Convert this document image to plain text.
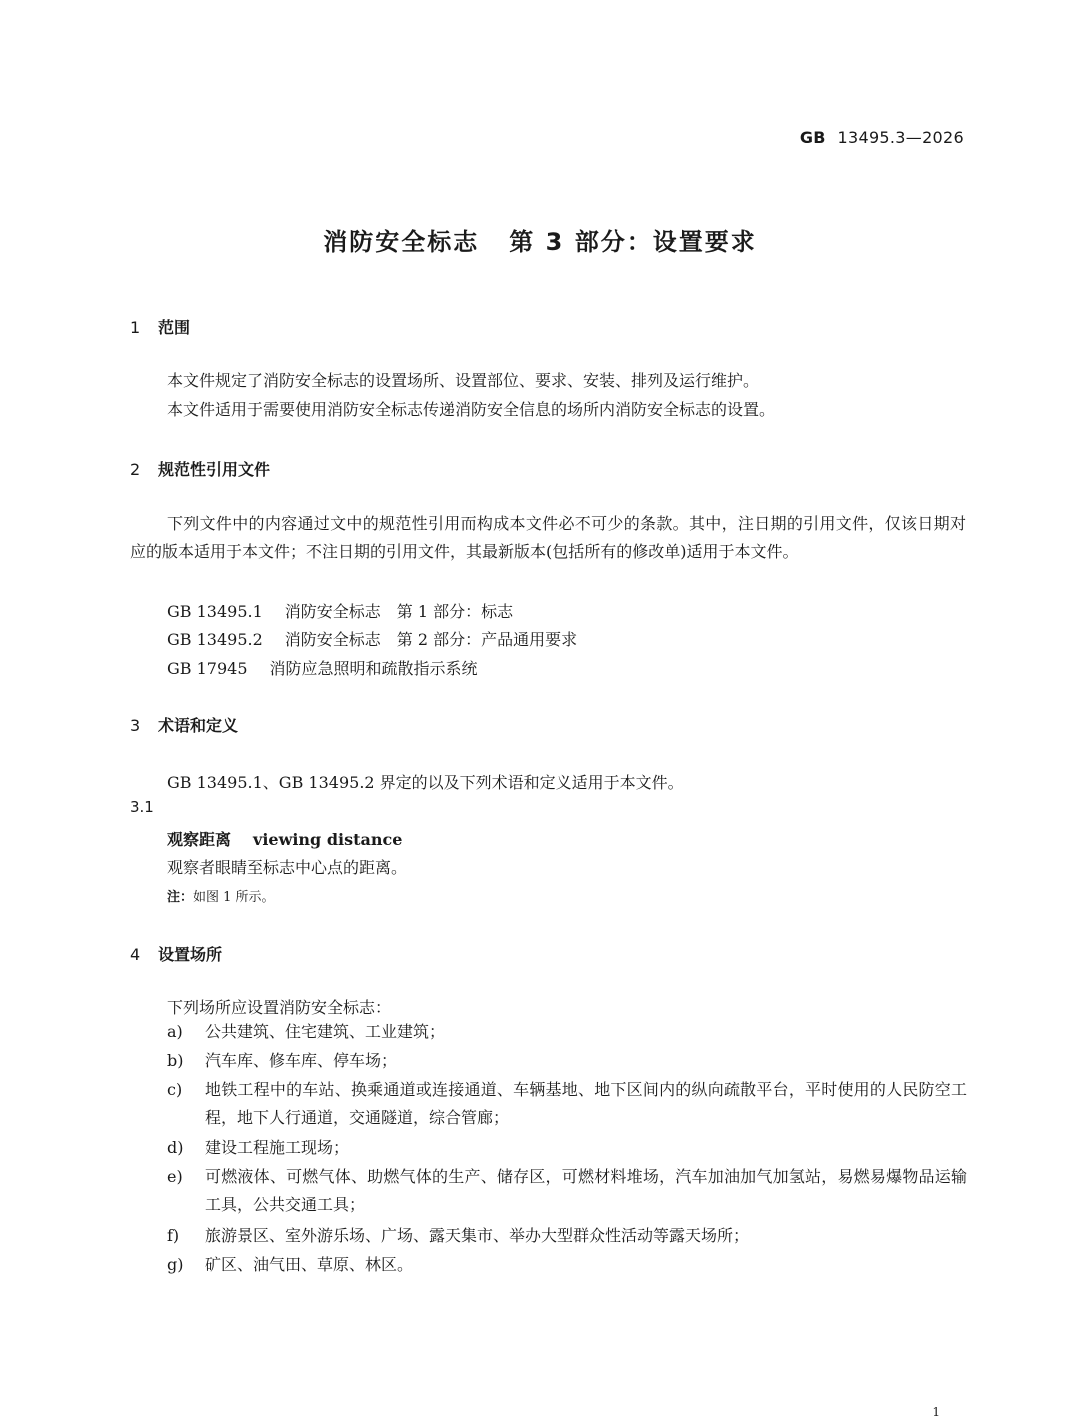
GB 13495.3—2026
消防安全标志 第 3 部分：设置要求
1 范围
本文件规定了消防安全标志的设置场所、设置部位、要求、安装、排列及运行维护。
本文件适用于需要使用消防安全标志传递消防安全信息的场所内消防安全标志的设置。
2 规范性引用文件
下列文件中的内容通过文中的规范性引用而构成本文件必不可少的条款。其中，注日期的引用文件，仅该日期对应的版本适用于本文件；不注日期的引用文件，其最新版本(包括所有的修改单)适用于本文件。
GB 13495.1 消防安全标志　第 1 部分：标志
GB 13495.2 消防安全标志　第 2 部分：产品通用要求
GB 17945 消防应急照明和疏散指示系统
3 术语和定义
GB 13495.1、GB 13495.2 界定的以及下列术语和定义适用于本文件。
3.1
观察距离 viewing distance
观察者眼睛至标志中心点的距离。
注：如图 1 所示。
4 设置场所
下列场所应设置消防安全标志：
a)	公共建筑、住宅建筑、工业建筑；
b)	汽车库、修车库、停车场；
c)	地铁工程中的车站、换乘通道或连接通道、车辆基地、地下区间内的纵向疏散平台，平时使用的人民防空工程，地下人行通道，交通隧道，综合管廊；
d)	建设工程施工现场；
e)	可燃液体、可燃气体、助燃气体的生产、储存区，可燃材料堆场，汽车加油加气加氢站，易燃易爆物品运输工具，公共交通工具；
f)	旅游景区、室外游乐场、广场、露天集市、举办大型群众性活动等露天场所；
g)	矿区、油气田、草原、林区。
1
